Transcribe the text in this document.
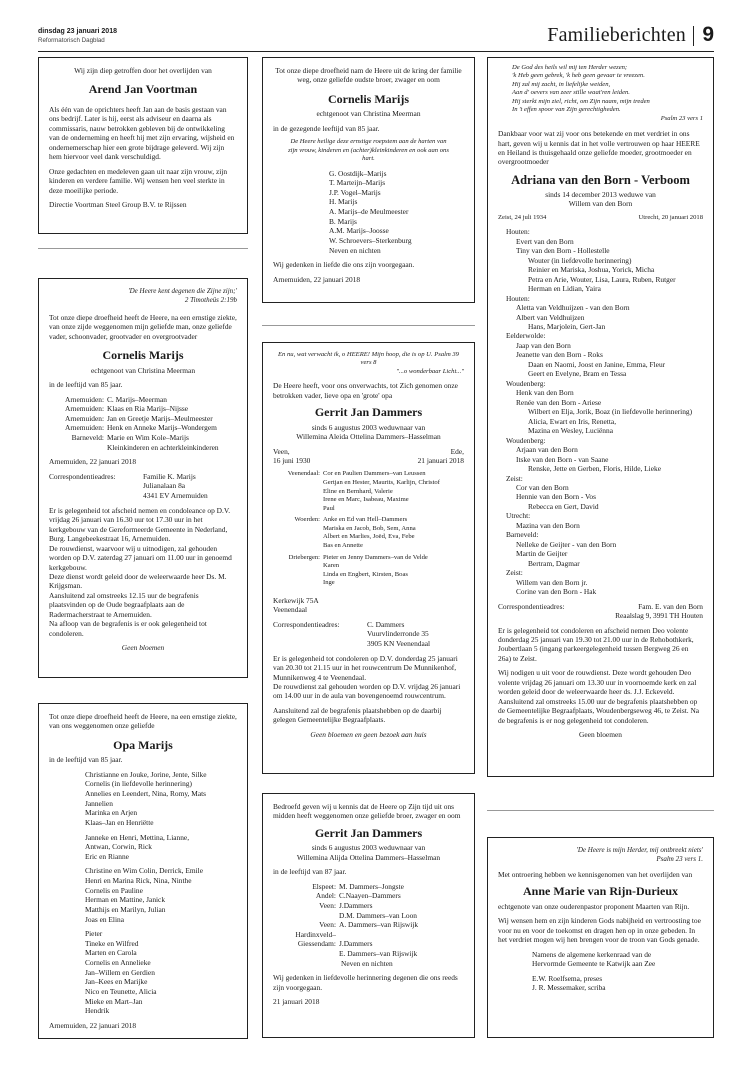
dinsdag 23 januari 2018
Reformatorisch Dagblad	Familieberichten 9

Wij zijn diep getroffen door het overlijden van

Arend Jan Voortman

Als één van de oprichters heeft Jan aan de basis gestaan van ons bedrijf. Later is hij, eerst als adviseur en daarna als commissaris, nauw betrokken gebleven bij de ontwikkeling van de onderneming en heeft hij met zijn ervaring, wijsheid en ondernemerschap hier een grote bijdrage geleverd. Wij zijn hem hiervoor veel dank verschuldigd.

Onze gedachten en medeleven gaan uit naar zijn vrouw, zijn kinderen en verdere familie. Wij wensen hen veel sterkte in deze moeilijke periode.

Directie Voortman Steel Group B.V. te Rijssen

'De Heere kent degenen die Zijne zijn;'
2 Timotheüs 2:19b

Tot onze diepe droefheid heeft de Heere, na een ernstige ziekte, van onze zijde weggenomen mijn geliefde man, onze geliefde vader, schoonvader, grootvader en overgrootvader

Cornelis Marijs

echtgenoot van Christina Meerman

in de leeftijd van 85 jaar.

Arnemuiden: C. Marijs–Meerman
Arnemuiden: Klaas en Ria Marijs–Nijsse
Arnemuiden: Jan en Greetje Marijs–Meulmeester
Arnemuiden: Henk en Anneke Marijs–Wondergem
Barneveld: Marie en Wim Kole–Marijs
Kleinkinderen en achterkleinkinderen

Arnemuiden, 22 januari 2018

Correspondentieadres:	Familie K. Marijs
Julianalaan 8a
4341 EV Arnemuiden
Er is gelegenheid tot afscheid nemen en condoleance op D.V. vrijdag 26 januari van 16.30 uur tot 17.30 uur in het kerkgebouw van de Gereformeerde Gemeente in Nederland, Burg. Langebeekestraat 16, Arnemuiden.
De rouwdienst, waarvoor wij u uitnodigen, zal gehouden worden op D.V. zaterdag 27 januari om 11.00 uur in genoemd kerkgebouw.
Deze dienst wordt geleid door de weleerwaarde heer Ds. M. Krijgsman.
Aansluitend zal omstreeks 12.15 uur de begrafenis plaatsvinden op de Oude begraafplaats aan de Radermacherstraat te Arnemuiden.
Na afloop van de begrafenis is er ook gelegenheid tot condoleren.

Geen bloemen

Tot onze diepe droefheid heeft de Heere, na een ernstige ziekte, van ons weggenomen onze geliefde

Opa Marijs

in de leeftijd van 85 jaar.

Christianne en Jouke, Jorine, Jente, Silke
Cornelis (in liefdevolle herinnering)
Annelies en Leendert, Nina, Romy, Mats
Jannelien
Marinka en Arjen
Klaas–Jan en Henriëtte
Janneke en Henri, Mettina, Lianne,
Antwan, Corwin, Rick
Eric en Rianne
Christine en Wim Colin, Derrick, Emile
Henri en Marina Rick, Nina, Ninthe
Cornelis en Pauline
Herman en Mattine, Janick
Matthijs en Marilyn, Julian
Joas en Elina
Pieter
Tineke en Wilfred
Marten en Carola
Cornelis en Annelieke
Jan–Willem en Gerdien
Jan–Kees en Marijke
Nico en Teunette, Alicia
Mieke en Mart–Jan
Hendrik

Arnemuiden, 22 januari 2018

Tot onze diepe droefheid nam de Heere uit de kring der familie weg, onze geliefde oudste broer, zwager en oom

Cornelis Marijs

echtgenoot van Christina Meerman

in de gezegende leeftijd van 85 jaar.

De Heere heilige deze ernstige roepstem aan de harten van zijn vrouw, kinderen en (achter)kleinkinderen en ook aan ons hart.

G. Oostdijk–Marijs
T. Marteijn–Marijs
J.P. Vogel–Marijs
H. Marijs
A. Marijs–de Meulmeester
B. Marijs
A.M. Marijs–Joosse
W. Schroevers–Sterkenburg
Neven en nichten

Wij gedenken in liefde die ons zijn voorgegaan.

Arnemuiden, 22 januari 2018

En nu, wat verwacht ik, o HEERE! Mijn hoop, die is op U. Psalm 39 vers 8

"...o wonderbaar Licht..."

De Heere heeft, voor ons onverwachts, tot Zich genomen onze betrokken vader, lieve opa en 'grote' opa

Gerrit Jan Dammers
sinds 6 augustus 2003 weduwnaar van

Willemina Aleida Ottelina Dammers–Hasselman

Veen,
16 juni 1930
Ede,
21 januari 2018
Veenendaal: Cor en Paulien Dammers–van Leussen
Gertjan en Hester, Maurits, Karlijn, Christof
Eline en Bernhard, Valerie
Irene en Marc, Isabeau, Maxime
Paul
Woerden: Anke en Ed van Hell–Dammers
Mariska en Jacob, Bob, Sem, Anna
Albert en Marlies, Joëd, Eva, Febe
Bas en Annette
Driebergen: Pieter en Jenny Dammers–van de Velde
Karen
Linda en Engbert, Kirsten, Boas
Inge
Kerkewijk 75A
Veenendaal
Correspondentieadres:	C. Dammers
Vuurvlinderronde 35
3905 KN Veenendaal
Er is gelegenheid tot condoleren op D.V. donderdag 25 januari van 20.30 tot 21.15 uur in het rouwcentrum De Munnikenhof, Munnikenweg 4 te Veenendaal.
De rouwdienst zal gehouden worden op D.V. vrijdag 26 januari om 14.00 uur in de aula van bovengenoemd rouwcentrum.
Aansluitend zal de begrafenis plaatshebben op de daarbij gelegen Gemeentelijke Begraafplaats.

Geen bloemen en geen bezoek aan huis

Bedroefd geven wij u kennis dat de Heere op Zijn tijd uit ons midden heeft weggenomen onze geliefde broer, zwager en oom

Gerrit Jan Dammers
sinds 6 augustus 2003 weduwnaar van

Willemina Alijda Ottelina Dammers–Hasselman

in de leeftijd van 87 jaar.

Elspeet: M. Dammers–Jongste
Andel: C.Naayen–Dammers
Veen: J.Dammers
D.M. Dammers–van Loon
Veen: A. Dammers–van Rijswijk
Hardinxveld–
Giessendam: J.Dammers
E. Dammers–van Rijswijk
Neven en nichten

Wij gedenken in liefdevolle herinnering degenen die ons reeds zijn voorgegaan.

21 januari 2018

De God des heils wil mij ten Herder wezen;
'k Heb geen gebrek, 'k heb geen gevaar te vreezen.
Hij zal mij zacht, in liefelijke weiden,
Aan d' oevers van zeer stille waat'ren leiden.
Hij sterkt mijn ziel, richt, om Zijn naam, mijn treden
In 't effen spoor van Zijn gerechtigheden.
Psalm 23 vers 1

Dankbaar voor wat zij voor ons betekende en met verdriet in ons hart, geven wij u kennis dat in het volle vertrouwen op haar HEERE en Heiland is thuisgehaald onze geliefde moeder, grootmoeder en overgrootmoeder

Adriana van den Born - Verboom
sinds 14 december 2013 weduwe van

Willem van den Born

Zeist, 24 juli 1934	Utrecht, 20 januari 2018
Houten:
Evert van den Born
Tiny van den Born - Hollestelle
Wouter (in liefdevolle herinnering)
Reinier en Mariska, Joshua, Yorick, Micha
Petra en Arie, Wouter, Lisa, Laura, Ruben, Rutger
Herman en Lidian, Yaira
Houten:
Aletta van Veldhuijzen - van den Born
Albert van Veldhuijzen
Hans, Marjolein, Gert-Jan
Eelderwolde:
Jaap van den Born
Jeanette van den Born - Roks
Daan en Naomi, Joost en Janine, Emma, Fleur
Geert en Evelyne, Bram en Tessa
Woudenberg:
Henk van den Born
Renée van den Born - Ariese
Wilbert en Elja, Jorik, Boaz (in liefdevolle herinnering)
Alicia, Ewart en Iris, Renetta,
Mazina en Wesley, Luciënna
Woudenberg:
Arjaan van den Born
Itske van den Born - van Saane
Renske, Jette en Gerben, Floris, Hilde, Lieke
Zeist:
Cor van den Born
Hennie van den Born - Vos
Rebecca en Gert, David
Utrecht:
Mazina van den Born
Barneveld:
Nelleke de Geijter - van den Born
Martin de Geijter
Bertram, Dagmar
Zeist:
Willem van den Born jr.
Corine van den Born - Hak
Correspondentieadres:	Fam. E. van den Born
Reaalslag 9, 3991 TH Houten

Er is gelegenheid tot condoleren en afscheid nemen Deo volente donderdag 25 januari van 19.30 tot 21.00 uur in de Rehobothkerk, Joubertlaan 5 (ingang parkeergelegenheid tussen Bergweg 26 en 26a) te Zeist.

Wij nodigen u uit voor de rouwdienst. Deze wordt gehouden Deo volente vrijdag 26 januari om 13.30 uur in voornoemde kerk en zal worden geleid door de weleerwaarde heer ds. J.J. Eckeveld.

Aansluitend zal omstreeks 15.00 uur de begrafenis plaatshebben op de Gemeentelijke Begraafplaats, Woudenbergseweg 46, te Zeist. Na de begrafenis is er nog gelegenheid tot condoleren.

Geen bloemen

'De Heere is mijn Herder, mij ontbreekt niets'
Psalm 23 vers 1.

Met ontroering hebben we kennisgenomen van het overlijden van

Anne Marie van Rijn-Durieux

echtgenote van onze ouderenpastor proponent Maarten van Rijn.

Wij wensen hem en zijn kinderen Gods nabijheid en vertroosting toe voor nu en voor de toekomst en dragen hen op in onze gebeden. In het verdriet mogen wij hen brengen voor de troon van Gods genade.

Namens de algemene kerkenraad van de
Hervormde Gemeente te Katwijk aan Zee
E.W. Roelfsema, preses
J. R. Messemaker, scriba
